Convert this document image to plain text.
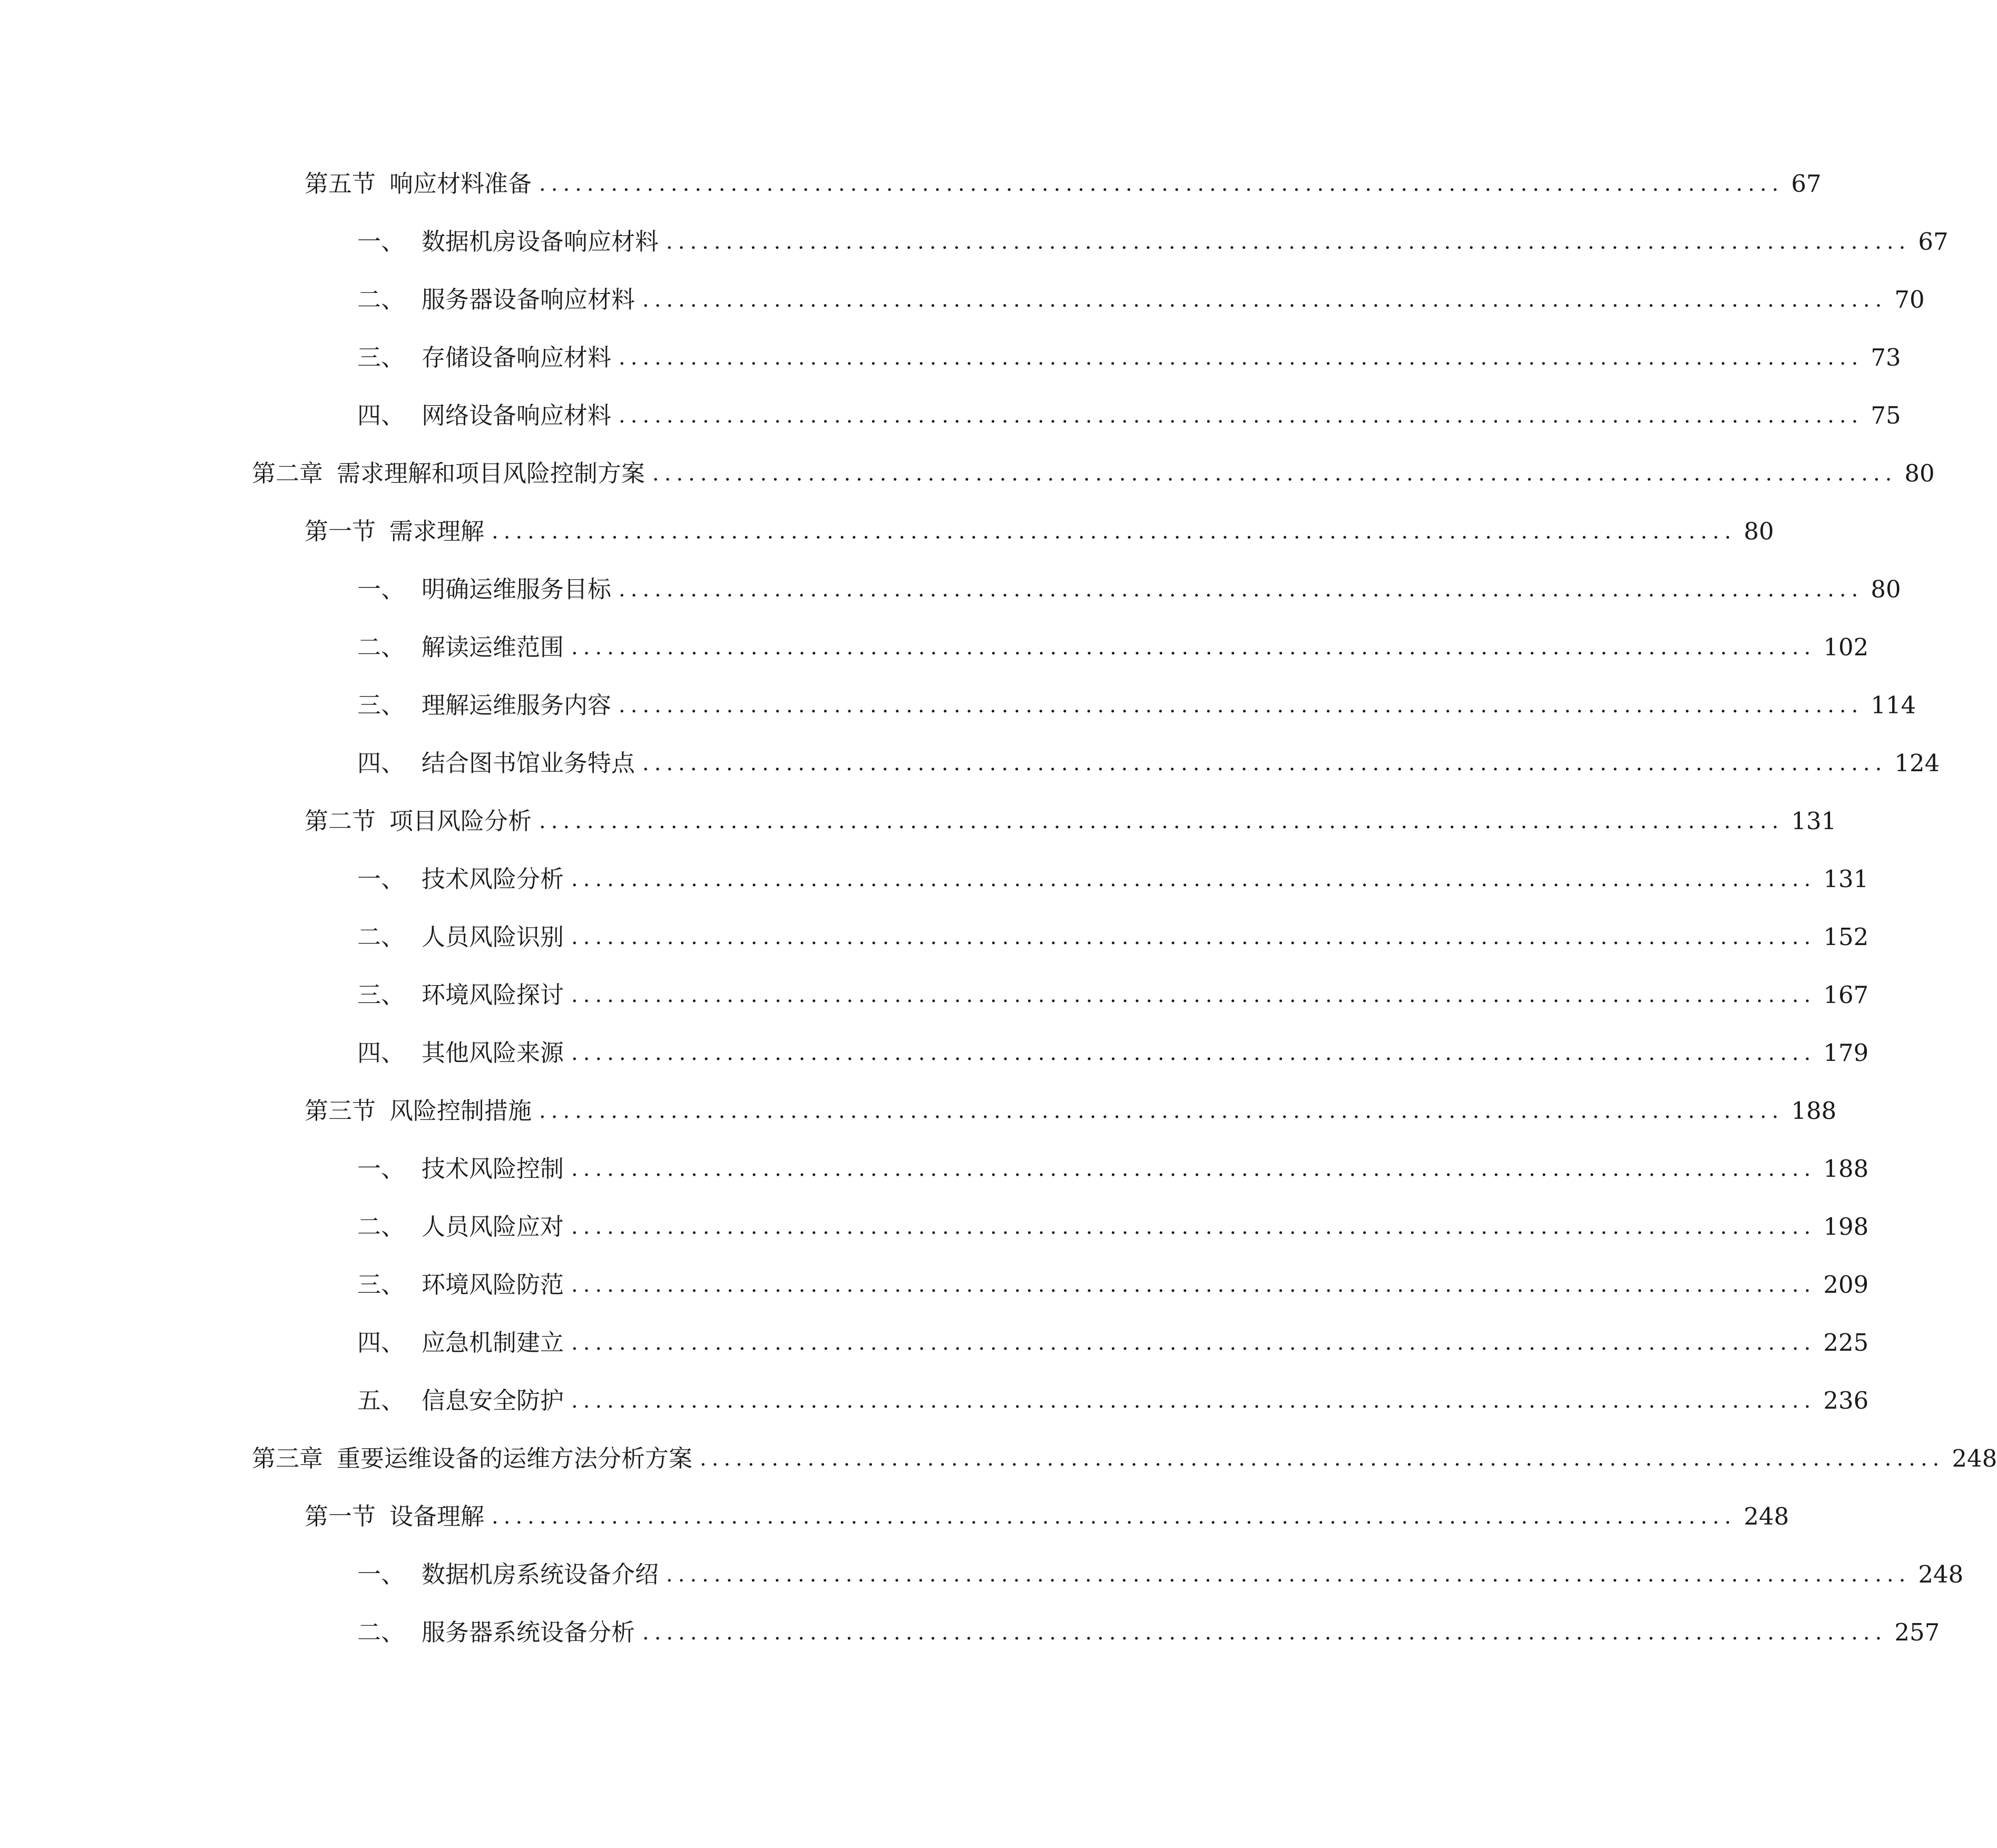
第五节 响应材料准备 ........................................................................................................ 67
一、 数据机房设备响应材料 ........................................................................................................ 67
二、 服务器设备响应材料 ........................................................................................................ 70
三、 存储设备响应材料 ........................................................................................................ 73
四、 网络设备响应材料 ........................................................................................................ 75
第二章 需求理解和项目风险控制方案 ........................................................................................................ 80
第一节 需求理解 ........................................................................................................ 80
一、 明确运维服务目标 ........................................................................................................ 80
二、 解读运维范围 ........................................................................................................ 102
三、 理解运维服务内容 ........................................................................................................ 114
四、 结合图书馆业务特点 ........................................................................................................ 124
第二节 项目风险分析 ........................................................................................................ 131
一、 技术风险分析 ........................................................................................................ 131
二、 人员风险识别 ........................................................................................................ 152
三、 环境风险探讨 ........................................................................................................ 167
四、 其他风险来源 ........................................................................................................ 179
第三节 风险控制措施 ........................................................................................................ 188
一、 技术风险控制 ........................................................................................................ 188
二、 人员风险应对 ........................................................................................................ 198
三、 环境风险防范 ........................................................................................................ 209
四、 应急机制建立 ........................................................................................................ 225
五、 信息安全防护 ........................................................................................................ 236
第三章 重要运维设备的运维方法分析方案 ........................................................................................................ 248
第一节 设备理解 ........................................................................................................ 248
一、 数据机房系统设备介绍 ........................................................................................................ 248
二、 服务器系统设备分析 ........................................................................................................ 257
